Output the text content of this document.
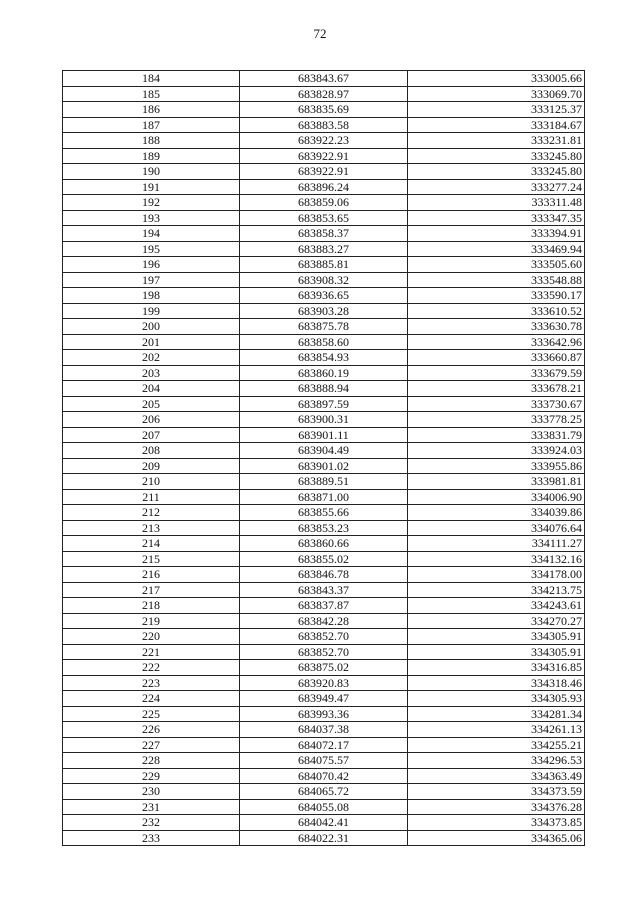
72
184	683843.67	333005.66
185	683828.97	333069.70
186	683835.69	333125.37
187	683883.58	333184.67
188	683922.23	333231.81
189	683922.91	333245.80
190	683922.91	333245.80
191	683896.24	333277.24
192	683859.06	333311.48
193	683853.65	333347.35
194	683858.37	333394.91
195	683883.27	333469.94
196	683885.81	333505.60
197	683908.32	333548.88
198	683936.65	333590.17
199	683903.28	333610.52
200	683875.78	333630.78
201	683858.60	333642.96
202	683854.93	333660.87
203	683860.19	333679.59
204	683888.94	333678.21
205	683897.59	333730.67
206	683900.31	333778.25
207	683901.11	333831.79
208	683904.49	333924.03
209	683901.02	333955.86
210	683889.51	333981.81
211	683871.00	334006.90
212	683855.66	334039.86
213	683853.23	334076.64
214	683860.66	334111.27
215	683855.02	334132.16
216	683846.78	334178.00
217	683843.37	334213.75
218	683837.87	334243.61
219	683842.28	334270.27
220	683852.70	334305.91
221	683852.70	334305.91
222	683875.02	334316.85
223	683920.83	334318.46
224	683949.47	334305.93
225	683993.36	334281.34
226	684037.38	334261.13
227	684072.17	334255.21
228	684075.57	334296.53
229	684070.42	334363.49
230	684065.72	334373.59
231	684055.08	334376.28
232	684042.41	334373.85
233	684022.31	334365.06
